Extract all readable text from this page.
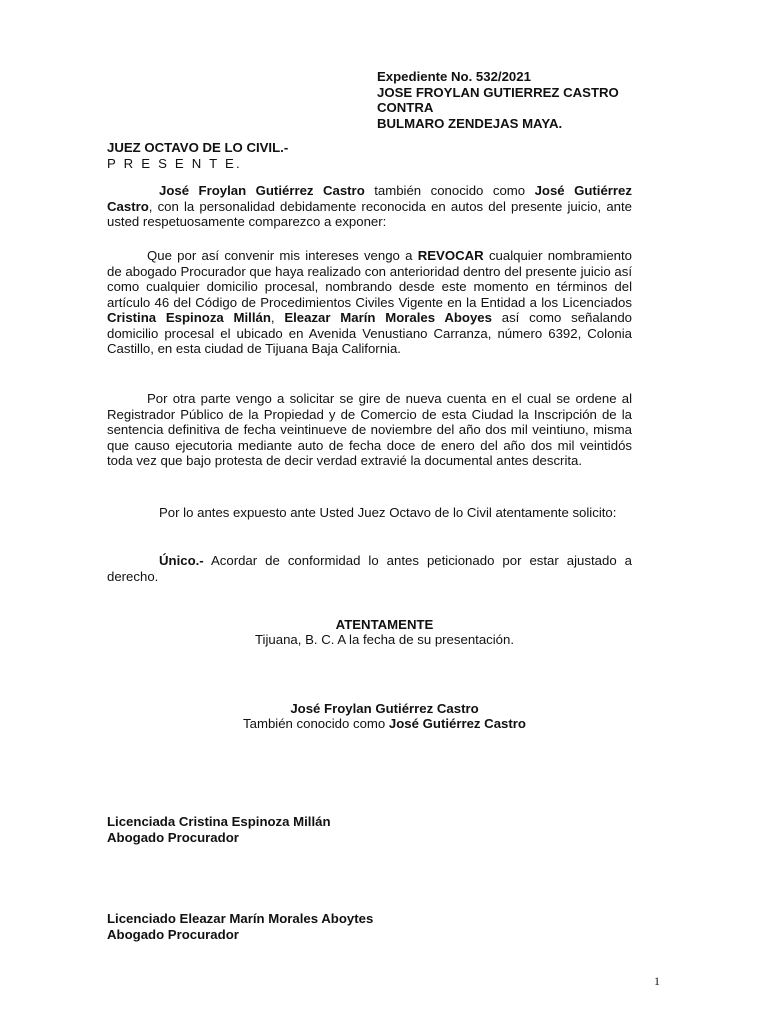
Expediente No. 532/2021
JOSE FROYLAN GUTIERREZ CASTRO
CONTRA
BULMARO ZENDEJAS MAYA.
JUEZ OCTAVO DE LO CIVIL.-
P R E S E N T E.

José Froylan Gutiérrez Castro también conocido como José Gutiérrez Castro, con la personalidad debidamente reconocida en autos del presente juicio, ante usted respetuosamente comparezco a exponer:

Que por así convenir mis intereses vengo a REVOCAR cualquier nombramiento de abogado Procurador que haya realizado con anterioridad dentro del presente juicio así como cualquier domicilio procesal, nombrando desde este momento en términos del artículo 46 del Código de Procedimientos Civiles Vigente en la Entidad a los Licenciados Cristina Espinoza Millán, Eleazar Marín Morales Aboyes así como señalando domicilio procesal el ubicado en Avenida Venustiano Carranza, número 6392, Colonia Castillo, en esta ciudad de Tijuana Baja California.

Por otra parte vengo a solicitar se gire de nueva cuenta en el cual se ordene al Registrador Público de la Propiedad y de Comercio de esta Ciudad la Inscripción de la sentencia definitiva de fecha veintinueve de noviembre del año dos mil veintiuno, misma que causo ejecutoria mediante auto de fecha doce de enero del año dos mil veintidós toda vez que bajo protesta de decir verdad extravié la documental antes descrita.

Por lo antes expuesto ante Usted Juez Octavo de lo Civil atentamente solicito:

Único.- Acordar de conformidad lo antes peticionado por estar ajustado a derecho.

ATENTAMENTE
Tijuana, B. C. A la fecha de su presentación.
José Froylan Gutiérrez Castro
También conocido como José Gutiérrez Castro
Licenciada Cristina Espinoza Millán
Abogado Procurador
Licenciado Eleazar Marín Morales Aboytes
Abogado Procurador
1
